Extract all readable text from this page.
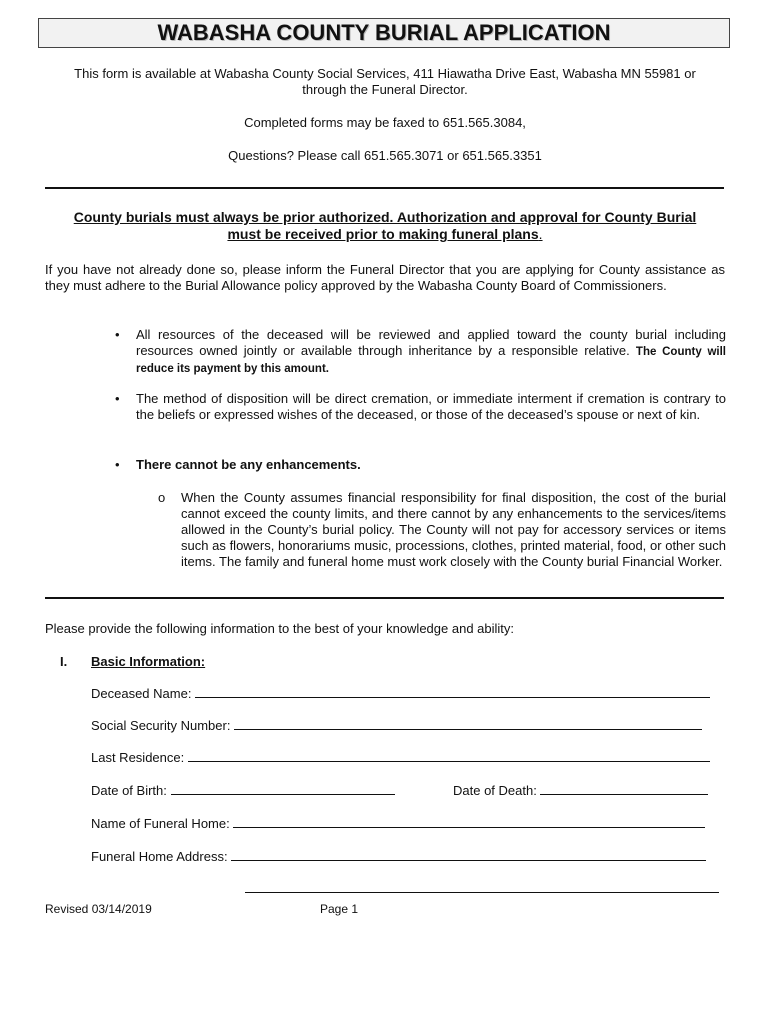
WABASHA COUNTY BURIAL APPLICATION
This form is available at Wabasha County Social Services, 411 Hiawatha Drive East, Wabasha MN 55981 or
through the Funeral Director.
Completed forms may be faxed to 651.565.3084,
Questions? Please call 651.565.3071 or 651.565.3351
County burials must always be prior authorized. Authorization and approval for County Burial
must be received prior to making funeral plans.
If you have not already done so, please inform the Funeral Director that you are applying for County assistance as they must adhere to the Burial Allowance policy approved by the Wabasha County Board of Commissioners.
• All resources of the deceased will be reviewed and applied toward the county burial including resources owned jointly or available through inheritance by a responsible relative. The County will reduce its payment by this amount.
• The method of disposition will be direct cremation, or immediate interment if cremation is contrary to the beliefs or expressed wishes of the deceased, or those of the deceased’s spouse or next of kin.
• There cannot be any enhancements.
o When the County assumes financial responsibility for final disposition, the cost of the burial cannot exceed the county limits, and there cannot by any enhancements to the services/items allowed in the County’s burial policy. The County will not pay for accessory services or items such as flowers, honorariums music, processions, clothes, printed material, food, or other such items. The family and funeral home must work closely with the County burial Financial Worker.
Please provide the following information to the best of your knowledge and ability:
I. Basic Information:
Deceased Name:
Social Security Number:
Last Residence:
Date of Birth:	Date of Death:
Name of Funeral Home:
Funeral Home Address:
Revised 03/14/2019	Page 1
